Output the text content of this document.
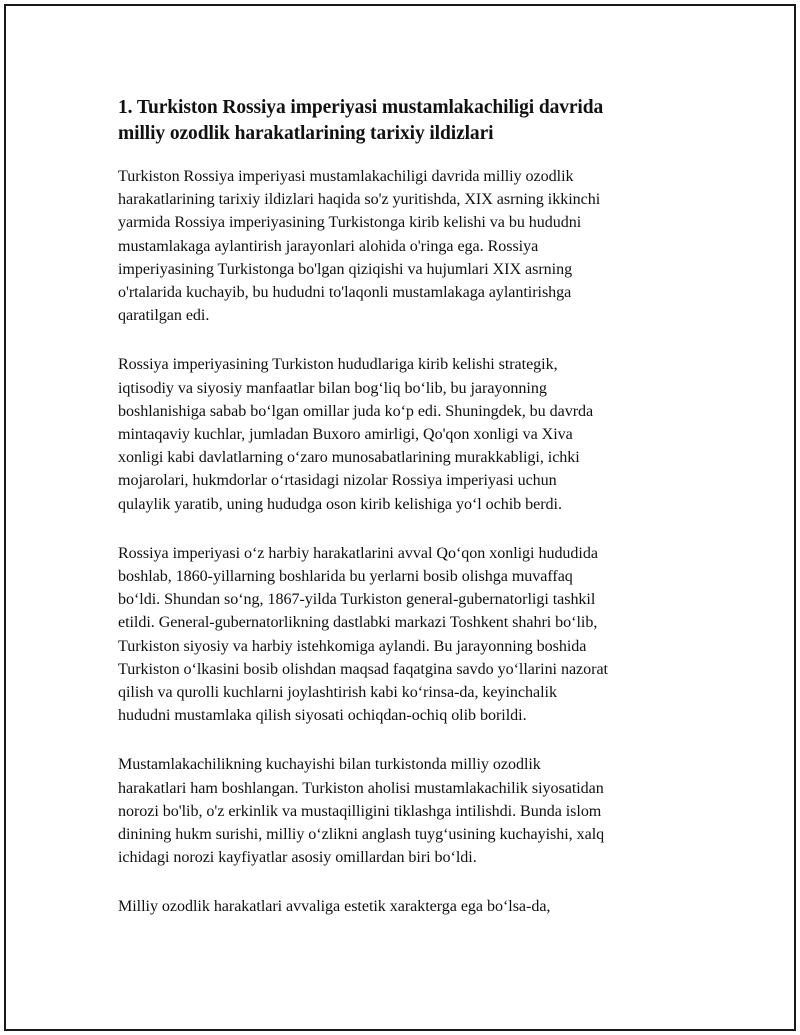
1. Turkiston Rossiya imperiyasi mustamlakachiligi davrida
milliy ozodlik harakatlarining tarixiy ildizlari

Turkiston Rossiya imperiyasi mustamlakachiligi davrida milliy ozodlik
harakatlarining tarixiy ildizlari haqida so'z yuritishda, XIX asrning ikkinchi
yarmida Rossiya imperiyasining Turkistonga kirib kelishi va bu hududni
mustamlakaga aylantirish jarayonlari alohida o'ringa ega. Rossiya
imperiyasining Turkistonga bo'lgan qiziqishi va hujumlari XIX asrning
o'rtalarida kuchayib, bu hududni to'laqonli mustamlakaga aylantirishga
qaratilgan edi.

Rossiya imperiyasining Turkiston hududlariga kirib kelishi strategik,
iqtisodiy va siyosiy manfaatlar bilan bog‘liq bo‘lib, bu jarayonning
boshlanishiga sabab bo‘lgan omillar juda ko‘p edi. Shuningdek, bu davrda
mintaqaviy kuchlar, jumladan Buxoro amirligi, Qo'qon xonligi va Xiva
xonligi kabi davlatlarning o‘zaro munosabatlarining murakkabligi, ichki
mojarolari, hukmdorlar o‘rtasidagi nizolar Rossiya imperiyasi uchun
qulaylik yaratib, uning hududga oson kirib kelishiga yo‘l ochib berdi.

Rossiya imperiyasi o‘z harbiy harakatlarini avval Qo‘qon xonligi hududida
boshlab, 1860-yillarning boshlarida bu yerlarni bosib olishga muvaffaq
bo‘ldi. Shundan so‘ng, 1867-yilda Turkiston general-gubernatorligi tashkil
etildi. General-gubernatorlikning dastlabki markazi Toshkent shahri bo‘lib,
Turkiston siyosiy va harbiy istehkomiga aylandi. Bu jarayonning boshida
Turkiston o‘lkasini bosib olishdan maqsad faqatgina savdo yo‘llarini nazorat
qilish va qurolli kuchlarni joylashtirish kabi ko‘rinsa-da, keyinchalik
hududni mustamlaka qilish siyosati ochiqdan-ochiq olib borildi.

Mustamlakachilikning kuchayishi bilan turkistonda milliy ozodlik
harakatlari ham boshlangan. Turkiston aholisi mustamlakachilik siyosatidan
norozi bo'lib, o'z erkinlik va mustaqilligini tiklashga intilishdi. Bunda islom
dinining hukm surishi, milliy o‘zlikni anglash tuyg‘usining kuchayishi, xalq
ichidagi norozi kayfiyatlar asosiy omillardan biri bo‘ldi.

Milliy ozodlik harakatlari avvaliga estetik xarakterga ega bo‘lsa-da,
